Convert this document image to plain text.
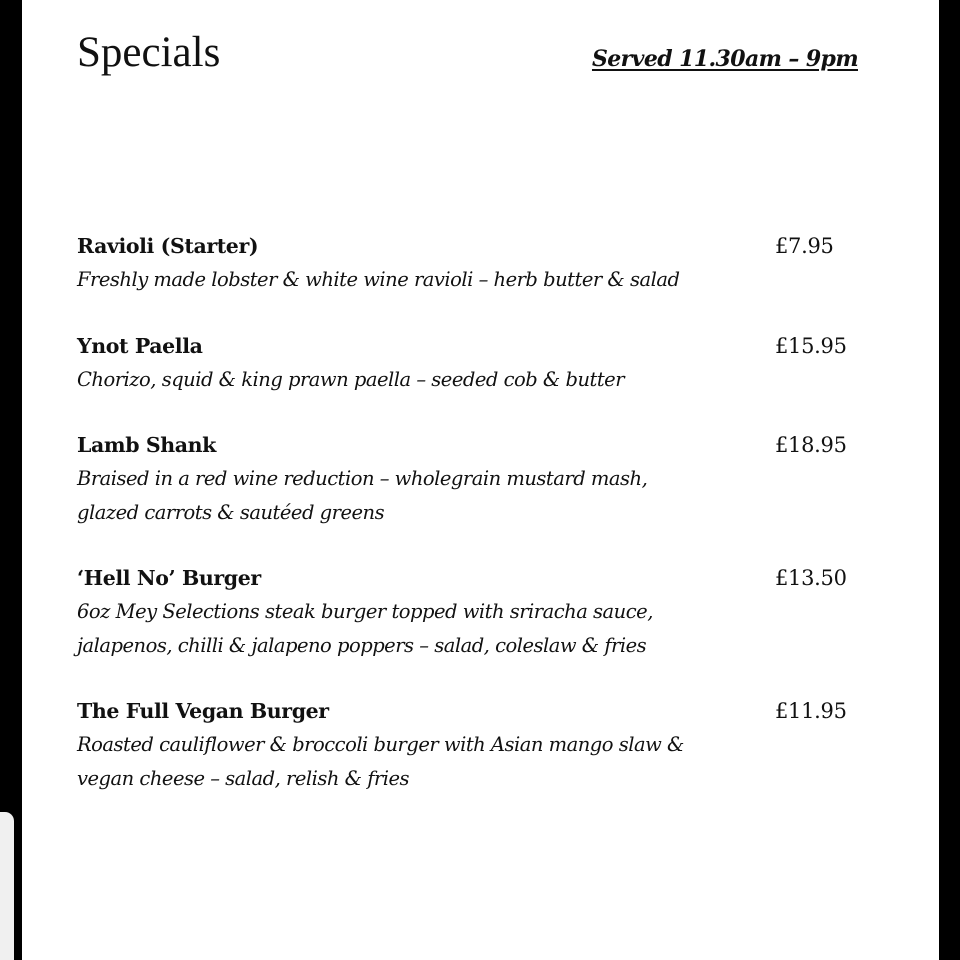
Specials	Served 11.30am – 9pm
Ravioli (Starter)	£7.95
Freshly made lobster & white wine ravioli – herb butter & salad
Ynot Paella	£15.95
Chorizo, squid & king prawn paella – seeded cob & butter
Lamb Shank	£18.95
Braised in a red wine reduction – wholegrain mustard mash,
glazed carrots & sautéed greens
‘Hell No’ Burger	£13.50
6oz Mey Selections steak burger topped with sriracha sauce,
jalapenos, chilli & jalapeno poppers – salad, coleslaw & fries
The Full Vegan Burger	£11.95
Roasted cauliflower & broccoli burger with Asian mango slaw &
vegan cheese – salad, relish & fries
